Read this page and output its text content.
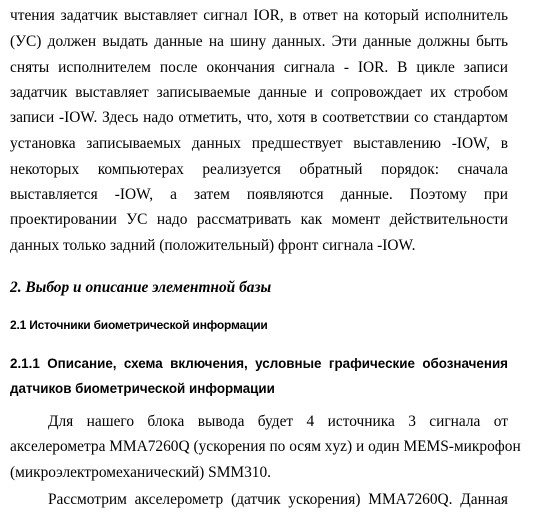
чтения задатчик выставляет сигнал IOR, в ответ на который исполнитель
(УС) должен выдать данные на шину данных. Эти данные должны быть
сняты исполнителем после окончания сигнала - IOR. В цикле записи
задатчик выставляет записываемые данные и сопровождает их стробом
записи -IOW. Здесь надо отметить, что, хотя в соответствии со стандартом
установка записываемых данных предшествует выставлению -IOW, в
некоторых компьютерах реализуется обратный порядок: сначала
выставляется -IOW, а затем появляются данные. Поэтому при
проектировании УС надо рассматривать как момент действительности
данных только задний (положительный) фронт сигнала -IOW.
2. Выбор и описание элементной базы
2.1 Источники биометрической информации
2.1.1 Описание, схема включения, условные графические обозначения
датчиков биометрической информации
Для нашего блока вывода будет 4 источника 3 сигнала от
акселерометра MMA7260Q (ускорения по осям xyz) и один MEMS-микрофон
(микроэлектромеханический) SMM310.
Рассмотрим акселерометр (датчик ускорения) MMA7260Q. Данная
